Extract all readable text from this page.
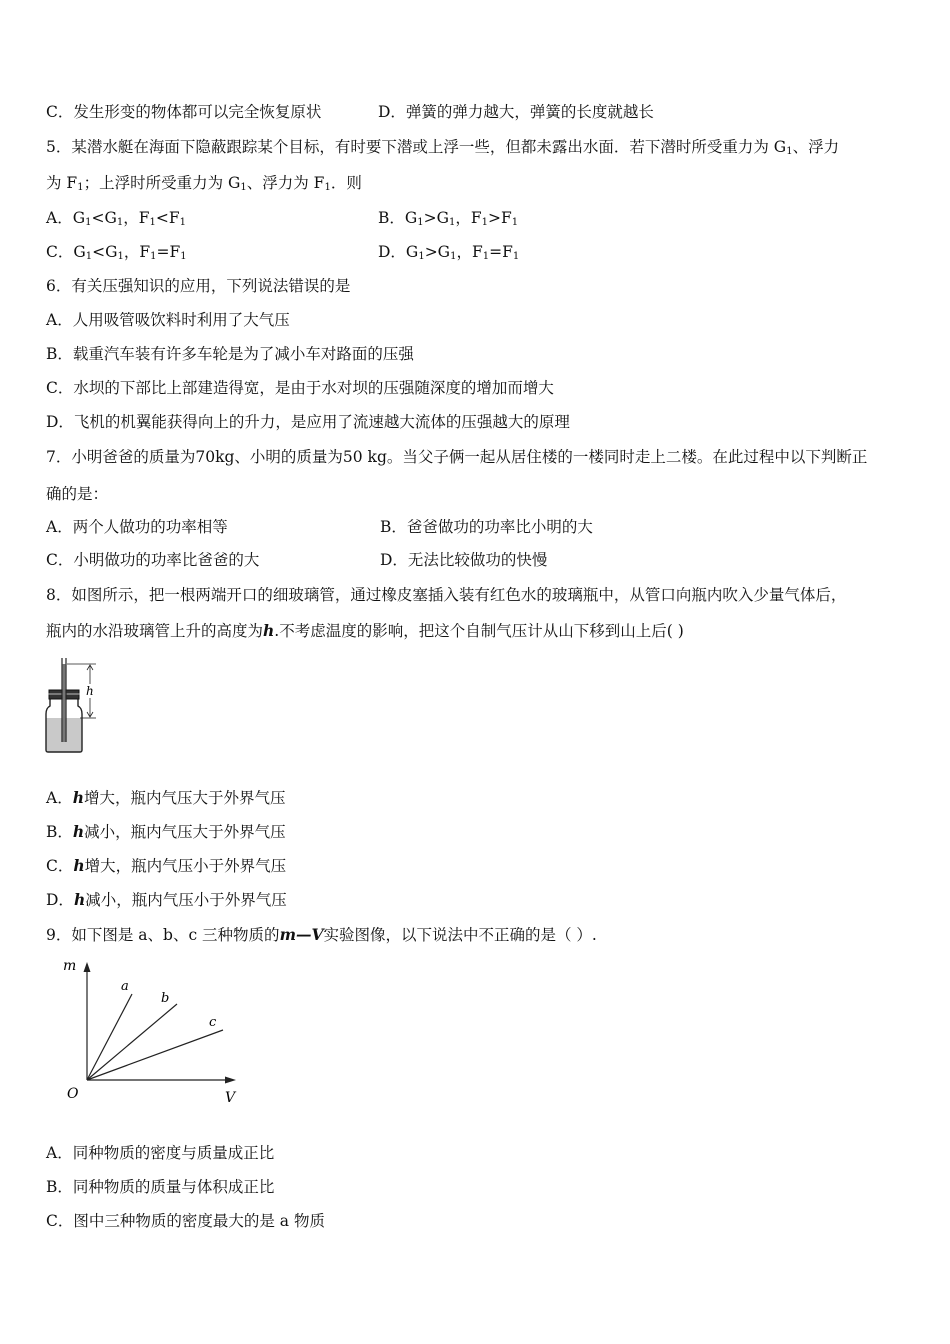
C．发生形变的物体都可以完全恢复原状	D．弹簧的弹力越大，弹簧的长度就越长
5．某潜水艇在海面下隐蔽跟踪某个目标，有时要下潜或上浮一些，但都未露出水面．若下潜时所受重力为 $G_1$、浮力
为 $F_1$；上浮时所受重力为 $G_1$、浮力为 $F_1$．则
A．$G_1<G_1$，$F_1<F_1$	B．$G_1>G_1$，$F_1>F_1$
C．$G_1<G_1$，$F_1=F_1$	D．$G_1>G_1$，$F_1=F_1$
6．有关压强知识的应用，下列说法错误的是
A．人用吸管吸饮料时利用了大气压
B．载重汽车装有许多车轮是为了减小车对路面的压强
C．水坝的下部比上部建造得宽，是由于水对坝的压强随深度的增加而增大
D．飞机的机翼能获得向上的升力，是应用了流速越大流体的压强越大的原理
7．小明爸爸的质量为70kg、小明的质量为50 kg。当父子俩一起从居住楼的一楼同时走上二楼。在此过程中以下判断正
确的是：
A．两个人做功的功率相等	B．爸爸做功的功率比小明的大
C．小明做功的功率比爸爸的大	D．无法比较做功的快慢
8．如图所示，把一根两端开口的细玻璃管，通过橡皮塞插入装有红色水的玻璃瓶中，从管口向瓶内吹入少量气体后，
瓶内的水沿玻璃管上升的高度为h.不考虑温度的影响，把这个自制气压计从山下移到山上后( )
h
A．h增大，瓶内气压大于外界气压
B．h减小，瓶内气压大于外界气压
C．h增大，瓶内气压小于外界气压
D．h减小，瓶内气压小于外界气压
9．如下图是 a、b、c 三种物质的m—V实验图像，以下说法中不正确的是（ ）.
m
V
O
a
b
c
A．同种物质的密度与质量成正比
B．同种物质的质量与体积成正比
C．图中三种物质的密度最大的是 a 物质
